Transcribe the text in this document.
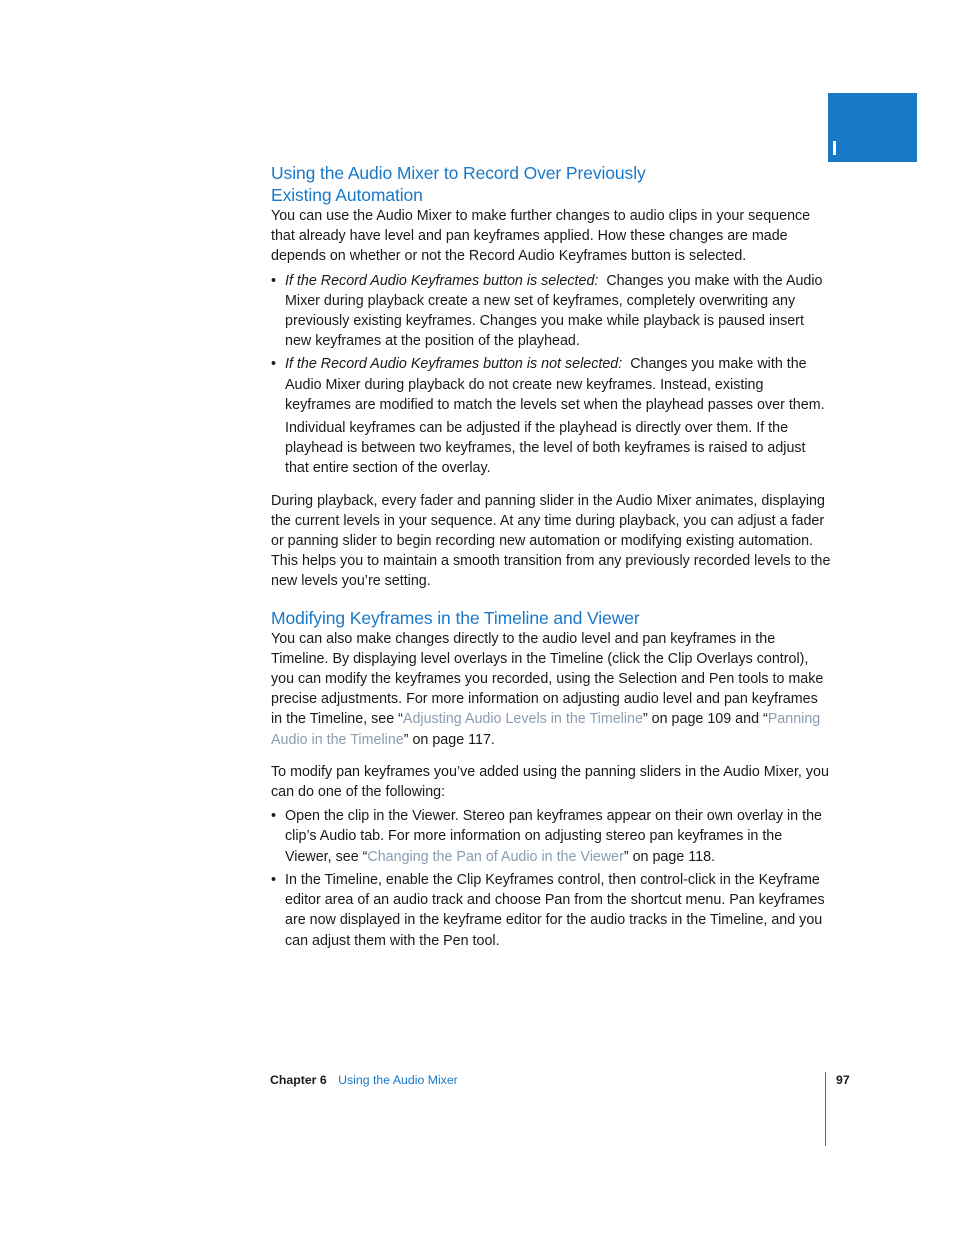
Using the Audio Mixer to Record Over Previously
Existing Automation

You can use the Audio Mixer to make further changes to audio clips in your sequence that already have level and pan keyframes applied. How these changes are made depends on whether or not the Record Audio Keyframes button is selected.

• If the Record Audio Keyframes button is selected: Changes you make with the Audio Mixer during playback create a new set of keyframes, completely overwriting any previously existing keyframes. Changes you make while playback is paused insert new keyframes at the position of the playhead.
• If the Record Audio Keyframes button is not selected: Changes you make with the Audio Mixer during playback do not create new keyframes. Instead, existing keyframes are modified to match the levels set when the playhead passes over them.
Individual keyframes can be adjusted if the playhead is directly over them. If the playhead is between two keyframes, the level of both keyframes is raised to adjust that entire section of the overlay.

During playback, every fader and panning slider in the Audio Mixer animates, displaying the current levels in your sequence. At any time during playback, you can adjust a fader or panning slider to begin recording new automation or modifying existing automation. This helps you to maintain a smooth transition from any previously recorded levels to the new levels you’re setting.

Modifying Keyframes in the Timeline and Viewer

You can also make changes directly to the audio level and pan keyframes in the Timeline. By displaying level overlays in the Timeline (click the Clip Overlays control), you can modify the keyframes you recorded, using the Selection and Pen tools to make precise adjustments. For more information on adjusting audio level and pan keyframes in the Timeline, see “Adjusting Audio Levels in the Timeline” on page 109 and “Panning Audio in the Timeline” on page 117.

To modify pan keyframes you’ve added using the panning sliders in the Audio Mixer, you can do one of the following:

• Open the clip in the Viewer. Stereo pan keyframes appear on their own overlay in the clip’s Audio tab. For more information on adjusting stereo pan keyframes in the Viewer, see “Changing the Pan of Audio in the Viewer” on page 118.
• In the Timeline, enable the Clip Keyframes control, then control-click in the Keyframe editor area of an audio track and choose Pan from the shortcut menu. Pan keyframes are now displayed in the keyframe editor for the audio tracks in the Timeline, and you can adjust them with the Pen tool.
Chapter 6 Using the Audio Mixer	97
